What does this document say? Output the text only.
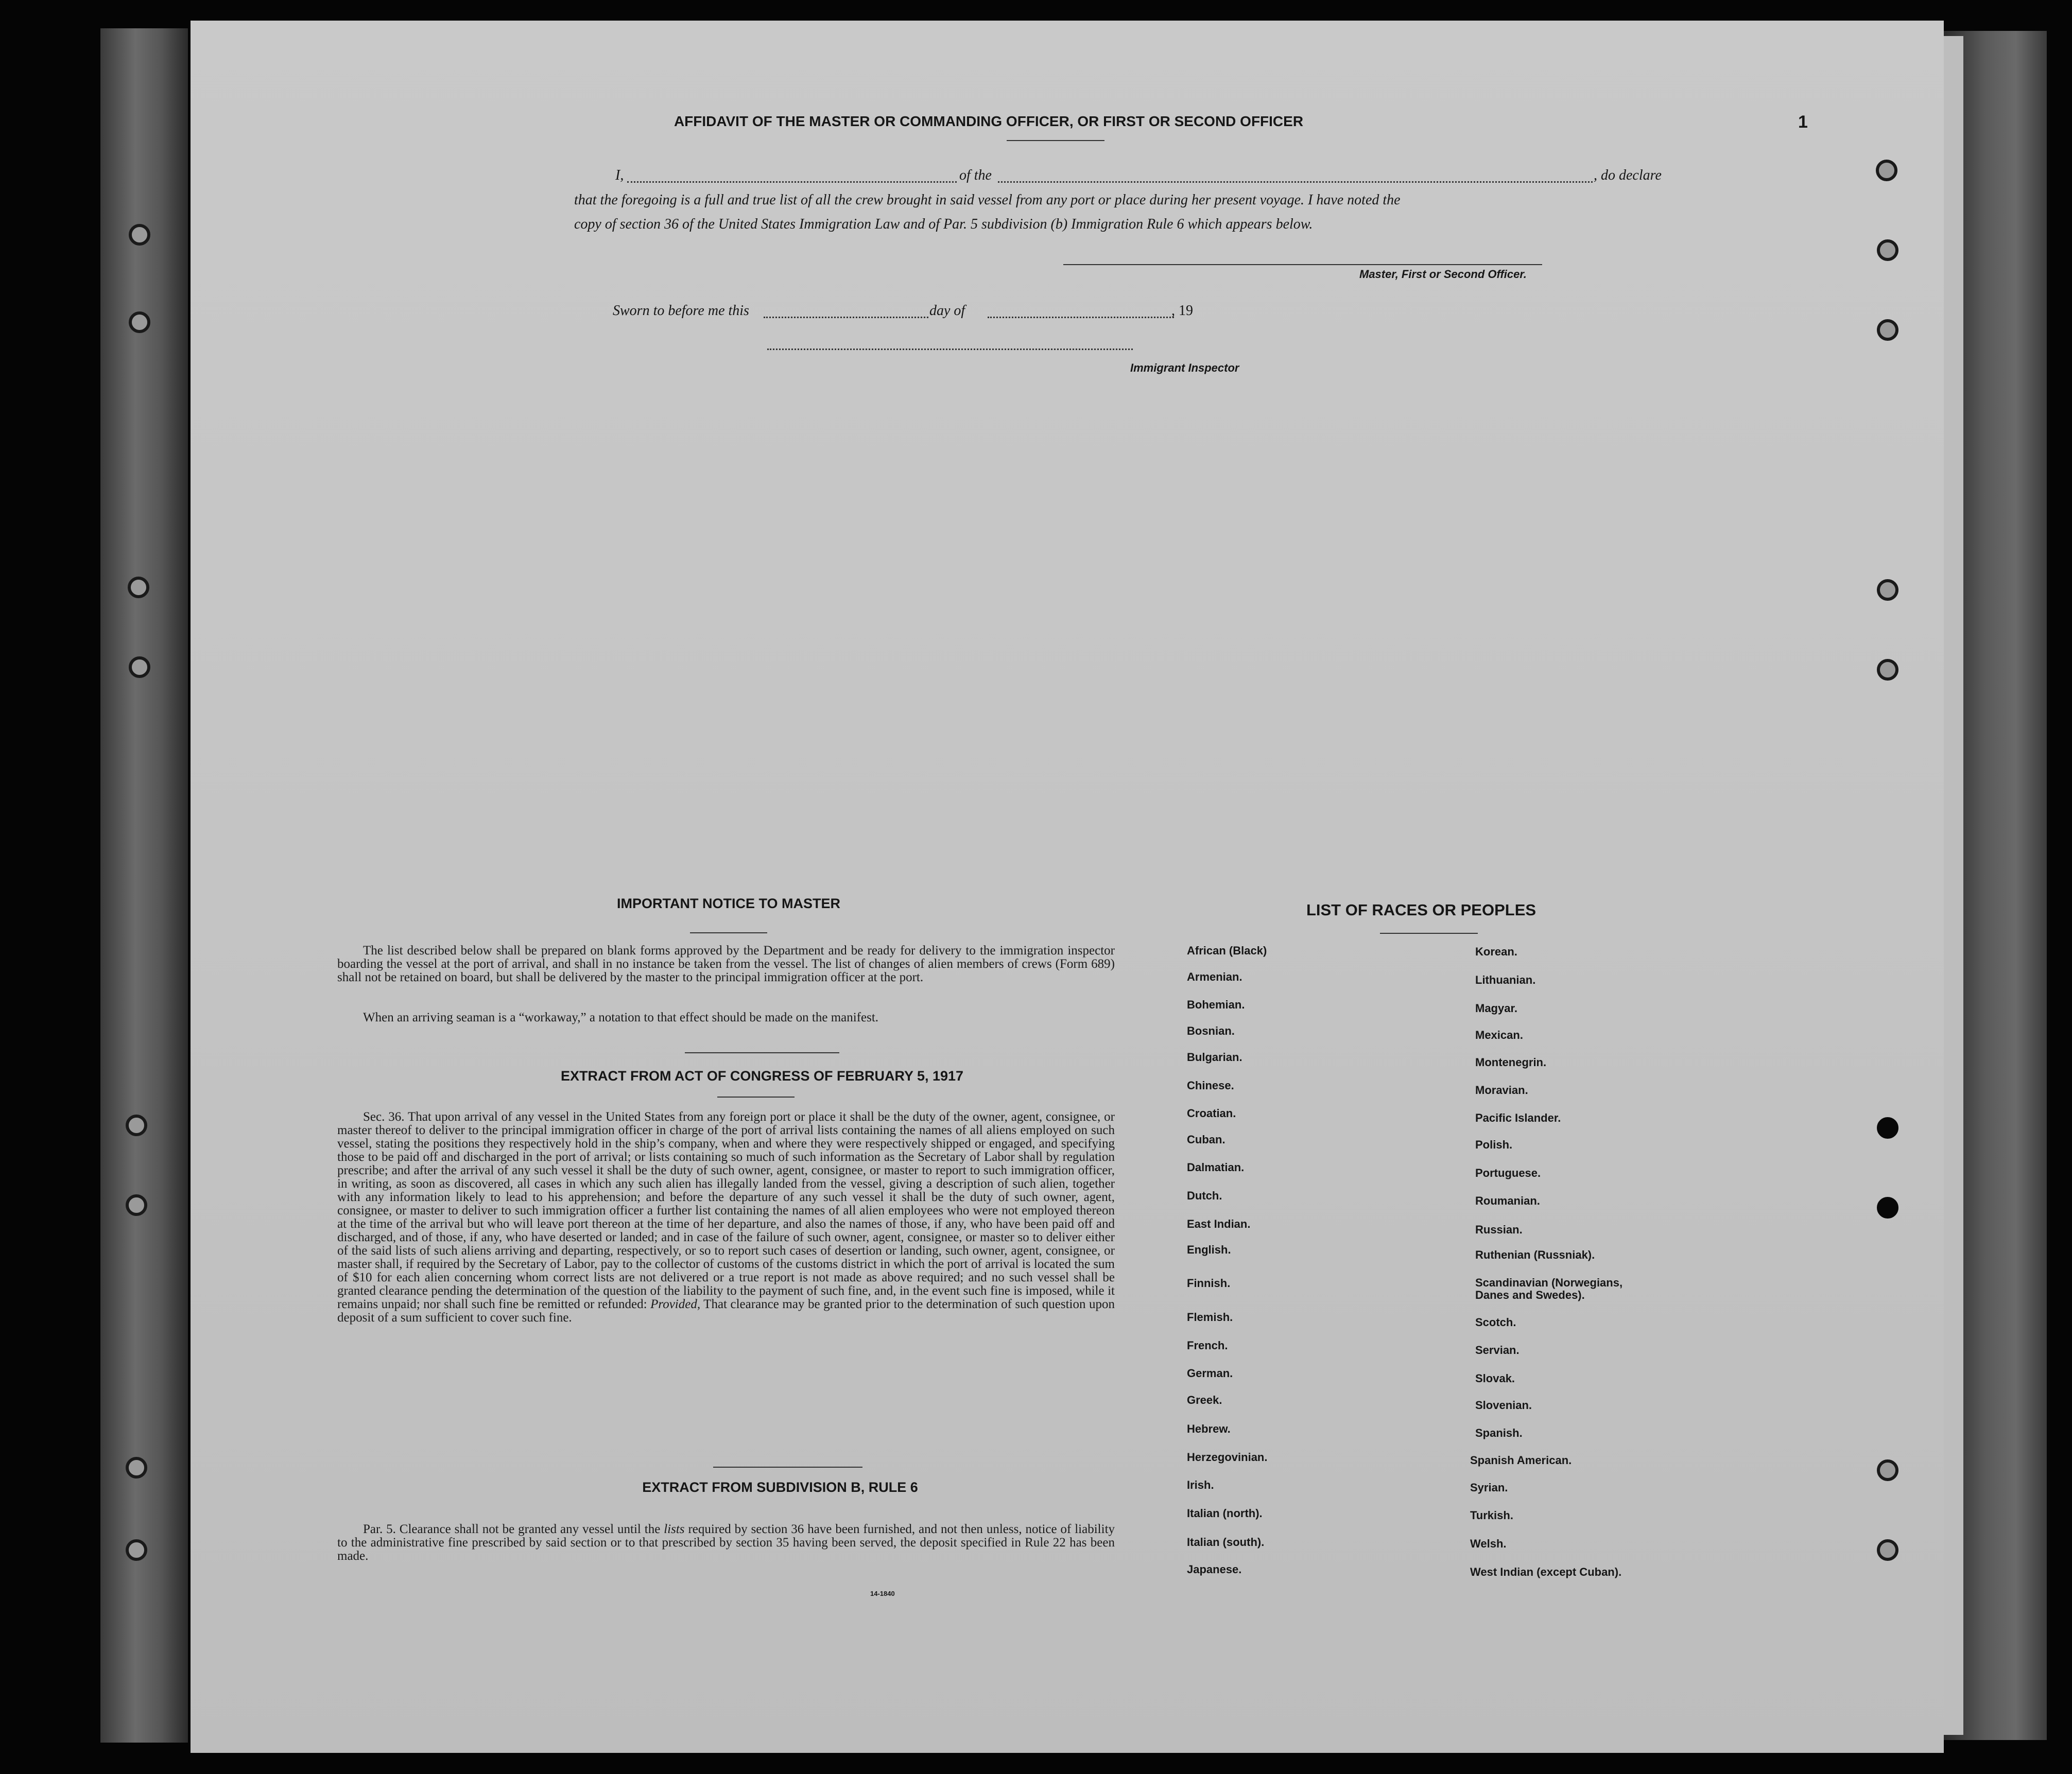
1
AFFIDAVIT OF THE MASTER OR COMMANDING OFFICER, OR FIRST OR SECOND OFFICER
I,	of the	, do declare
that the foregoing is a full and true list of all the crew brought in said vessel from any port or place during her present voyage. I have noted the
copy of section 36 of the United States Immigration Law and of Par. 5 subdivision (b) Immigration Rule 6 which appears below.
Master, First or Second Officer.
Sworn to before me this	day of	, 19
Immigrant Inspector
IMPORTANT NOTICE TO MASTER
The list described below shall be prepared on blank forms approved by the Department and be ready for delivery to the immigration inspector boarding the vessel at the port of arrival, and shall in no instance be taken from the vessel. The list of changes of alien members of crews (Form 689) shall not be retained on board, but shall be delivered by the master to the principal immigration officer at the port.
When an arriving seaman is a “workaway,” a notation to that effect should be made on the manifest.
EXTRACT FROM ACT OF CONGRESS OF FEBRUARY 5, 1917
Sec. 36. That upon arrival of any vessel in the United States from any foreign port or place it shall be the duty of the owner, agent, consignee, or master thereof to deliver to the principal immigration officer in charge of the port of arrival lists containing the names of all aliens employed on such vessel, stating the positions they respectively hold in the ship’s company, when and where they were respectively shipped or engaged, and specifying those to be paid off and discharged in the port of arrival; or lists containing so much of such information as the Secretary of Labor shall by regulation prescribe; and after the arrival of any such vessel it shall be the duty of such owner, agent, consignee, or master to report to such immigration officer, in writing, as soon as discovered, all cases in which any such alien has illegally landed from the vessel, giving a description of such alien, together with any information likely to lead to his apprehension; and before the departure of any such vessel it shall be the duty of such owner, agent, consignee, or master to deliver to such immigration officer a further list containing the names of all alien employees who were not employed thereon at the time of the arrival but who will leave port thereon at the time of her departure, and also the names of those, if any, who have been paid off and discharged, and of those, if any, who have deserted or landed; and in case of the failure of such owner, agent, consignee, or master so to deliver either of the said lists of such aliens arriving and departing, respectively, or so to report such cases of desertion or landing, such owner, agent, consignee, or master shall, if required by the Secretary of Labor, pay to the collector of customs of the customs district in which the port of arrival is located the sum of $10 for each alien concerning whom correct lists are not delivered or a true report is not made as above required; and no such vessel shall be granted clearance pending the determination of the question of the liability to the payment of such fine, and, in the event such fine is imposed, while it remains unpaid; nor shall such fine be remitted or refunded: Provided, That clearance may be granted prior to the determination of such question upon deposit of a sum sufficient to cover such fine.
EXTRACT FROM SUBDIVISION B, RULE 6
Par. 5. Clearance shall not be granted any vessel until the lists required by section 36 have been furnished, and not then unless, notice of liability to the administrative fine prescribed by said section or to that prescribed by section 35 having been served, the deposit specified in Rule 22 has been made.
14-1840
LIST OF RACES OR PEOPLES
African (Black)
Armenian.
Bohemian.
Bosnian.
Bulgarian.
Chinese.
Croatian.
Cuban.
Dalmatian.
Dutch.
East Indian.
English.
Finnish.
Flemish.
French.
German.
Greek.
Hebrew.
Herzegovinian.
Irish.
Italian (north).
Italian (south).
Japanese.
Korean.
Lithuanian.
Magyar.
Mexican.
Montenegrin.
Moravian.
Pacific Islander.
Polish.
Portuguese.
Roumanian.
Russian.
Ruthenian (Russniak).
Scandinavian (Norwegians, Danes and Swedes).
Scotch.
Servian.
Slovak.
Slovenian.
Spanish.
Spanish American.
Syrian.
Turkish.
Welsh.
West Indian (except Cuban).
